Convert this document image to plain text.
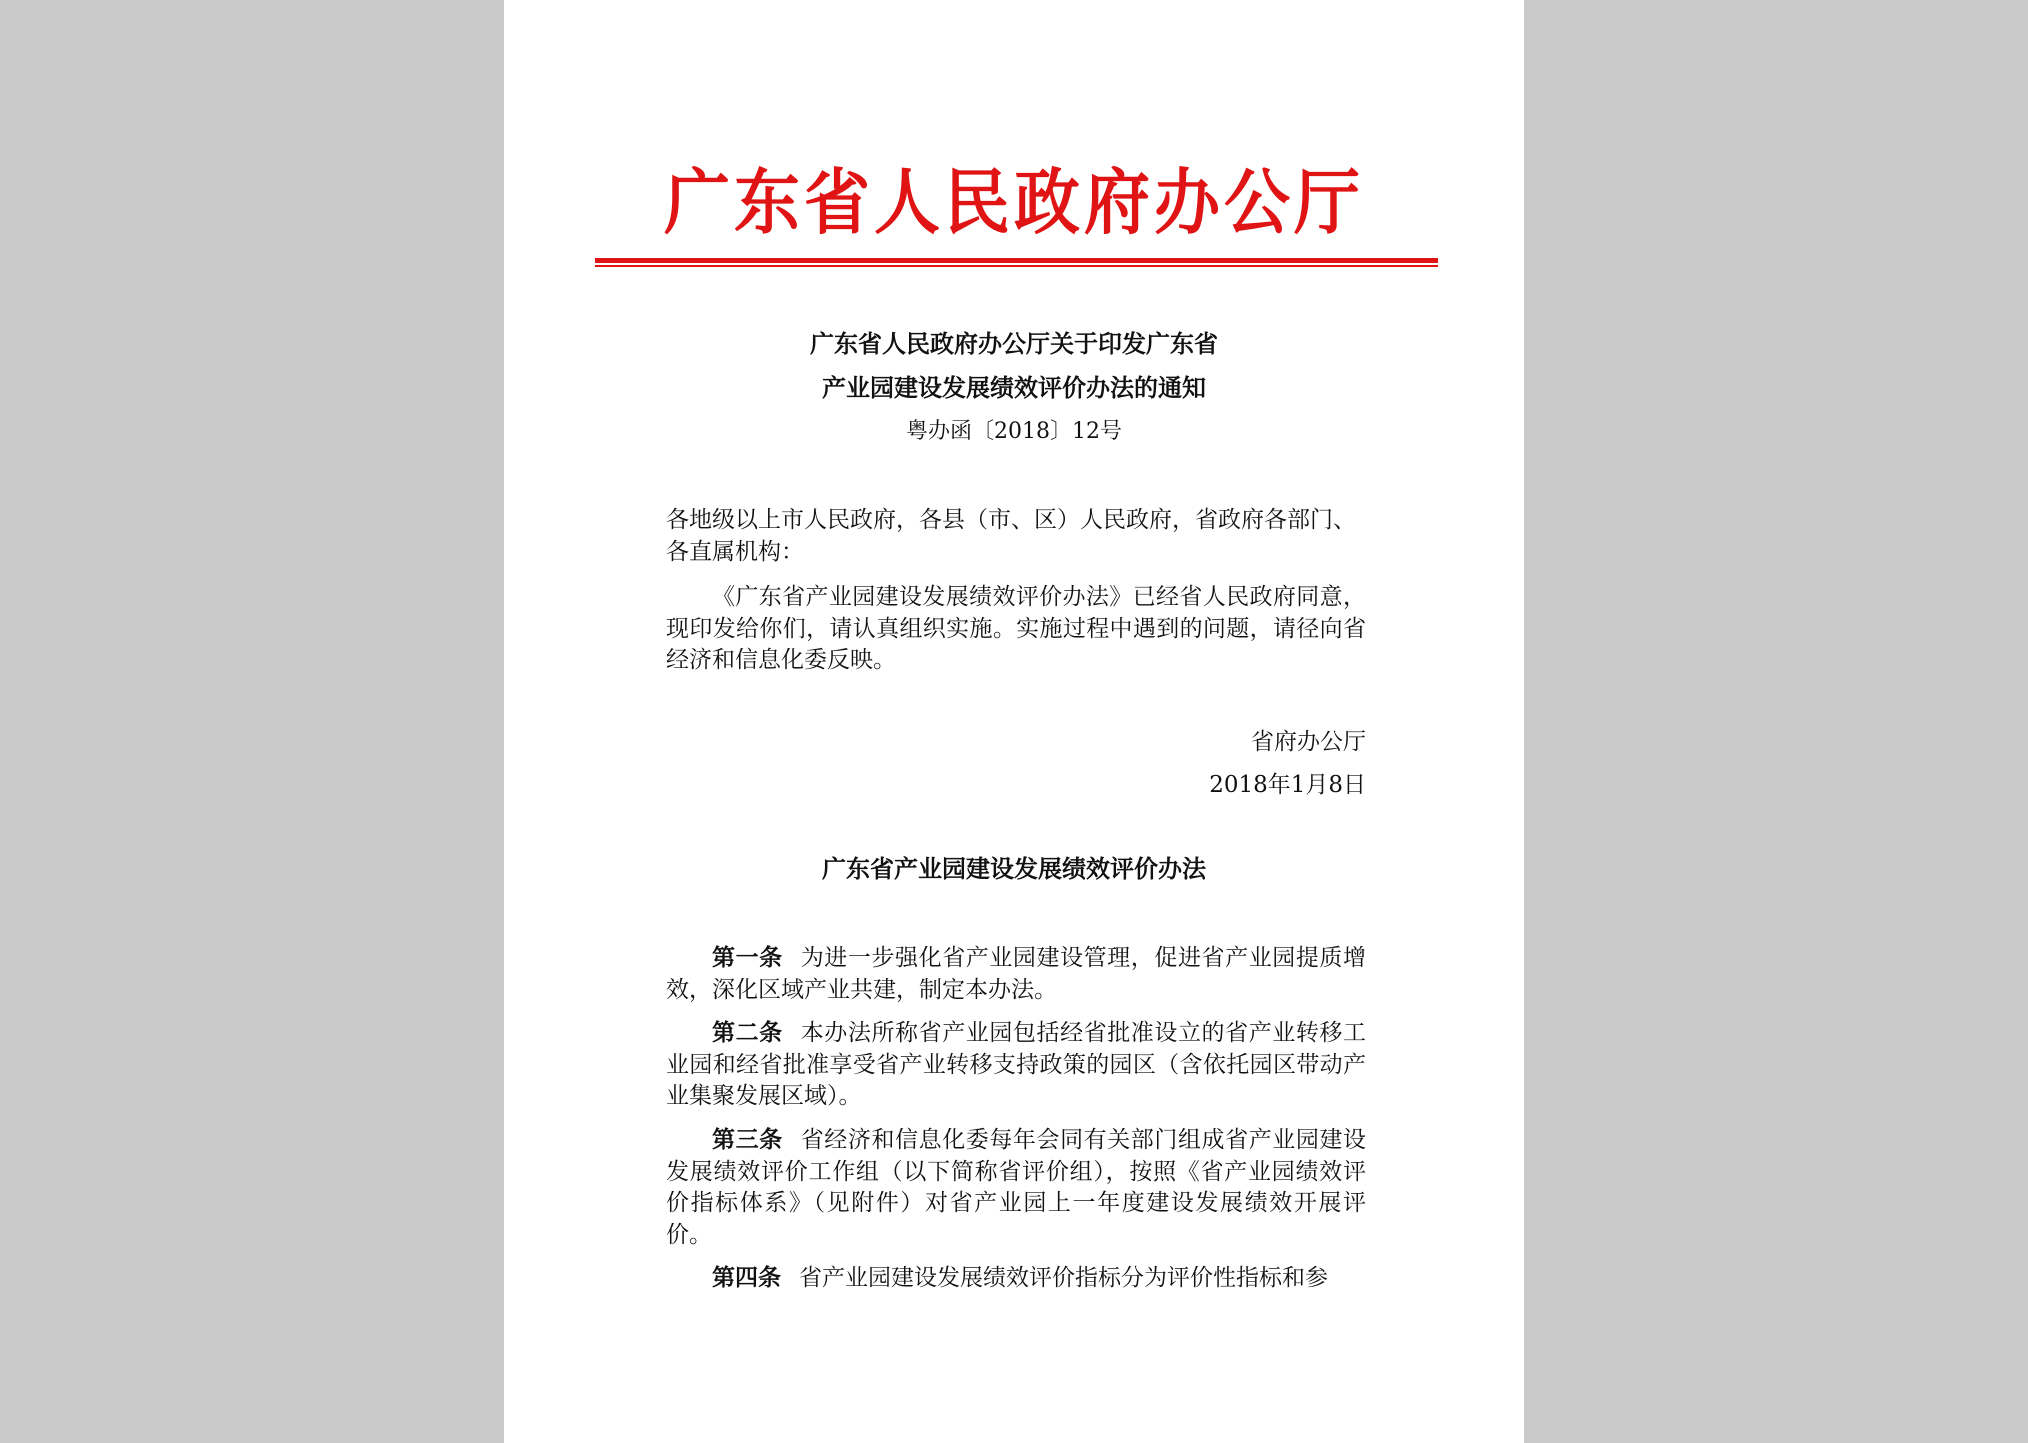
广东省人民政府办公厅
广东省人民政府办公厅关于印发广东省
产业园建设发展绩效评价办法的通知
粤办函〔2018〕12号
各地级以上市人民政府，各县（市、区）人民政府，省政府各部门、
各直属机构：
《广东省产业园建设发展绩效评价办法》已经省人民政府同意，现印发给你们，请认真组织实施。实施过程中遇到的问题，请径向省经济和信息化委反映。
省府办公厅
2018年1月8日
广东省产业园建设发展绩效评价办法
第一条 为进一步强化省产业园建设管理，促进省产业园提质增效，深化区域产业共建，制定本办法。
第二条 本办法所称省产业园包括经省批准设立的省产业转移工业园和经省批准享受省产业转移支持政策的园区（含依托园区带动产业集聚发展区域）。
第三条 省经济和信息化委每年会同有关部门组成省产业园建设发展绩效评价工作组（以下简称省评价组），按照《省产业园绩效评价指标体系》（见附件）对省产业园上一年度建设发展绩效开展评价。
第四条 省产业园建设发展绩效评价指标分为评价性指标和参
